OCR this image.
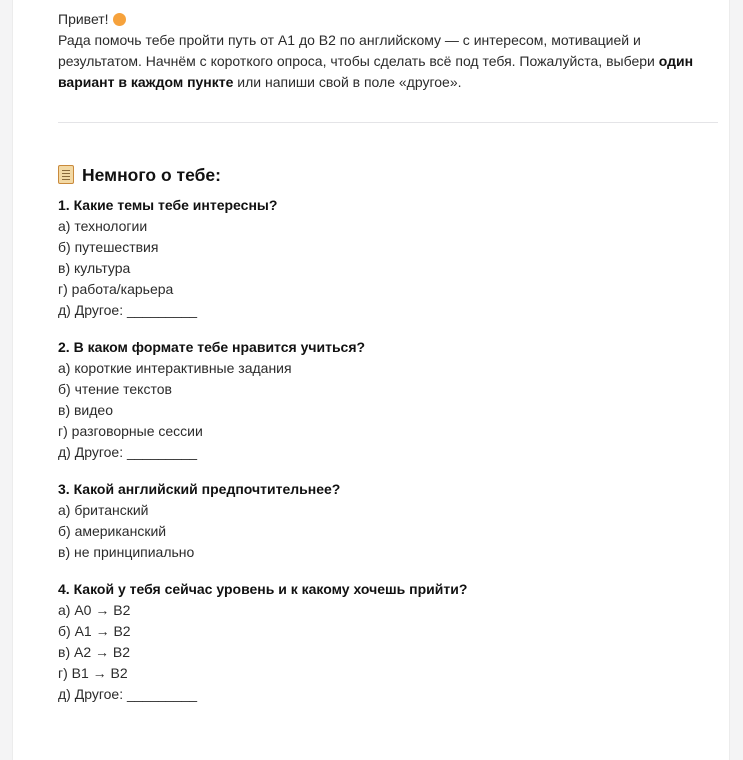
Привет!
Рада помочь тебе пройти путь от А1 до В2 по английскому — с интересом, мотивацией и результатом. Начнём с короткого опроса, чтобы сделать всё под тебя. Пожалуйста, выбери один вариант в каждом пункте или напиши свой в поле «другое».
Немного о тебе:
1. Какие темы тебе интересны?
а) технологии
б) путешествия
в) культура
г) работа/карьера
д) Другое: _________
2. В каком формате тебе нравится учиться?
а) короткие интерактивные задания
б) чтение текстов
в) видео
г) разговорные сессии
д) Другое: _________
3. Какой английский предпочтительнее?
а) британский
б) американский
в) не принципиально
4. Какой у тебя сейчас уровень и к какому хочешь прийти?
а) A0 → B2
б) A1 → B2
в) A2 → B2
г) B1 → B2
д) Другое: _________
